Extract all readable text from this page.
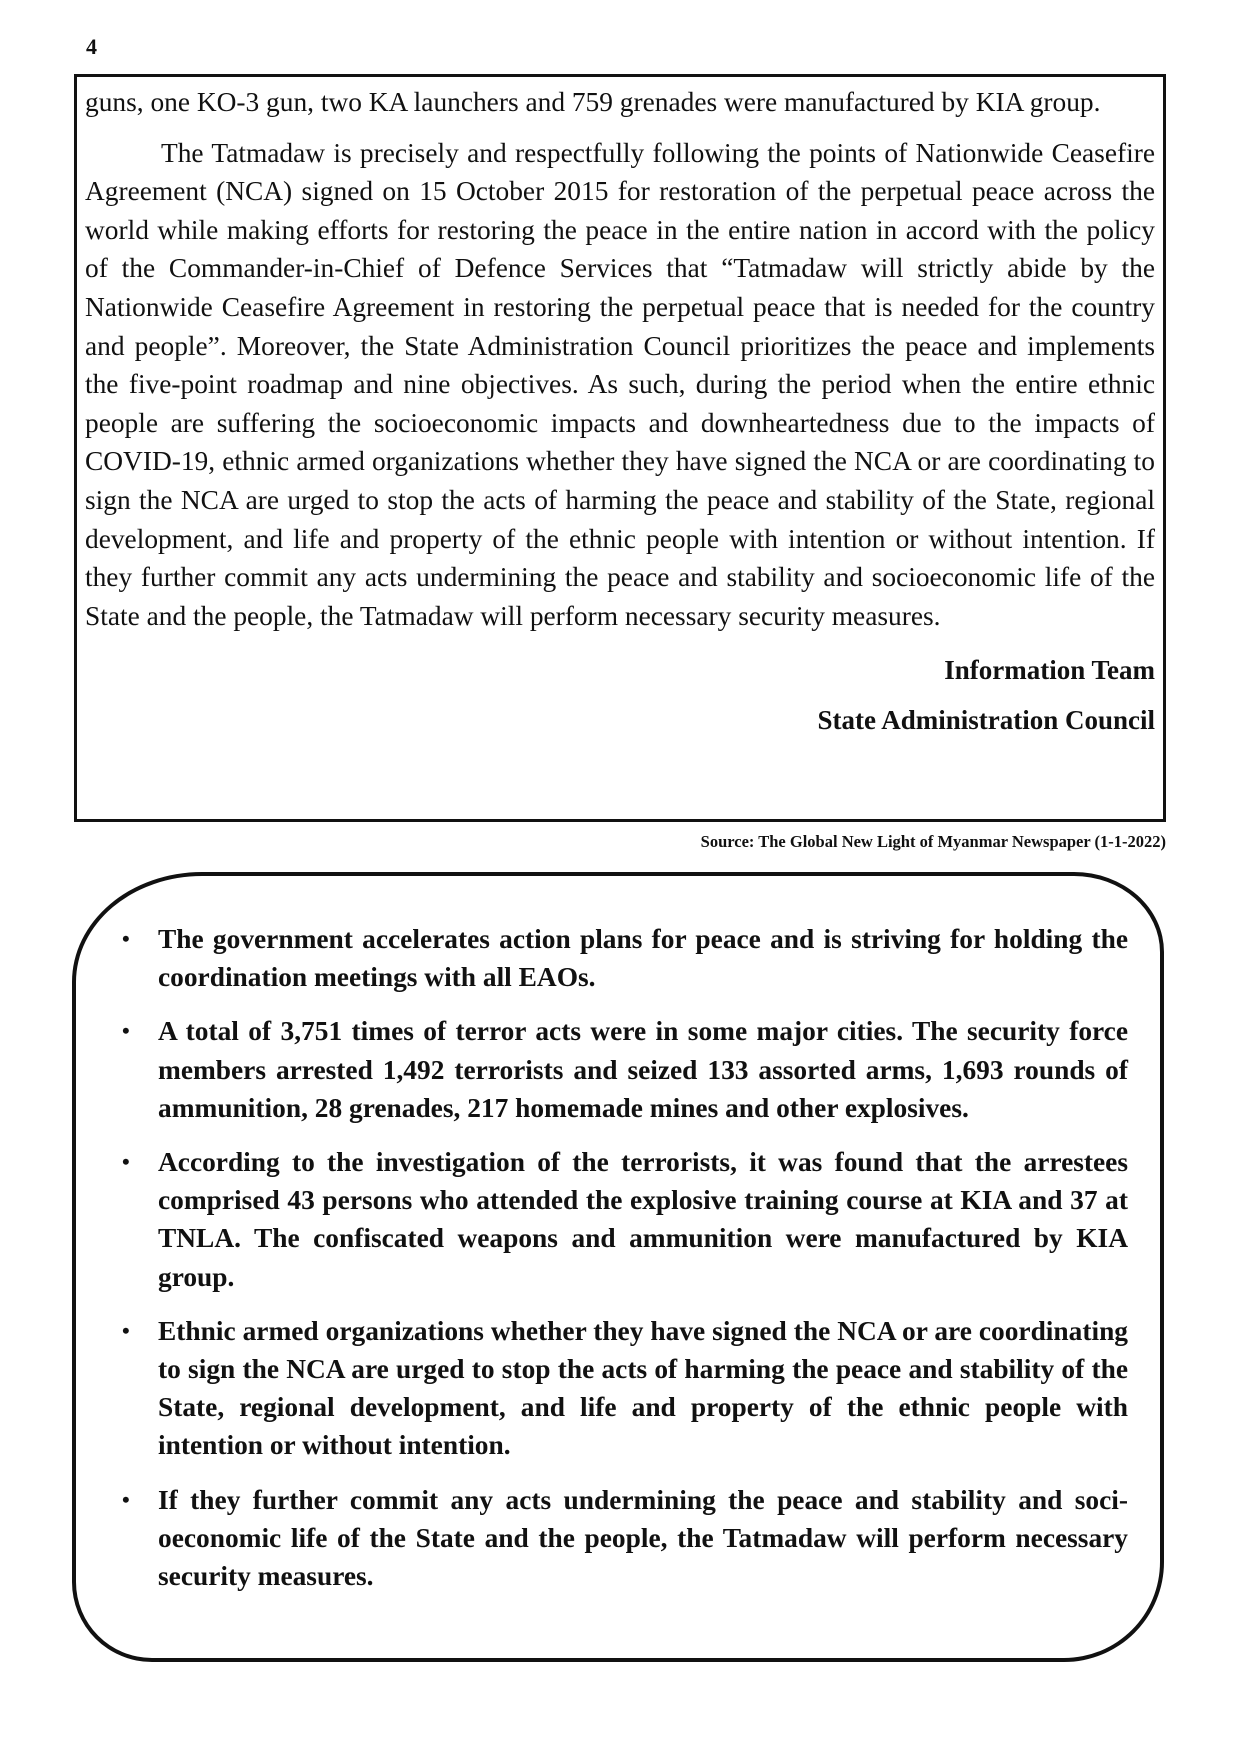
4

guns, one KO-3 gun, two KA launchers and 759 grenades were manufactured by KIA group.

The Tatmadaw is precisely and respectfully following the points of Nationwide Ceasefire Agreement (NCA) signed on 15 October 2015 for restoration of the perpetual peace across the world while making efforts for restoring the peace in the entire nation in accord with the policy of the Commander-in-Chief of Defence Services that “Tatmadaw will strictly abide by the Nationwide Ceasefire Agreement in restoring the perpetual peace that is needed for the country and people”. Moreover, the State Administration Council prioritizes the peace and implements the five-point roadmap and nine objectives. As such, during the period when the entire ethnic people are suffering the socioeconomic impacts and downheartedness due to the impacts of COVID-19, ethnic armed organizations whether they have signed the NCA or are coordinating to sign the NCA are urged to stop the acts of harming the peace and stability of the State, regional development, and life and property of the ethnic people with intention or without intention. If they further commit any acts undermining the peace and stability and socioeconomic life of the State and the people, the Tatmadaw will perform necessary security measures.

Information Team
State Administration Council
Source: The Global New Light of Myanmar Newspaper (1-1-2022)
• The government accelerates action plans for peace and is striving for holding the coordination meetings with all EAOs.
• A total of 3,751 times of terror acts were in some major cities. The security force members arrested 1,492 terrorists and seized 133 assorted arms, 1,693 rounds of ammunition, 28 grenades, 217 homemade mines and other explosives.
• According to the investigation of the terrorists, it was found that the arrestees comprised 43 persons who attended the explosive training course at KIA and 37 at TNLA. The confiscated weapons and ammunition were manufactured by KIA group.
• Ethnic armed organizations whether they have signed the NCA or are coordinating to sign the NCA are urged to stop the acts of harming the peace and stability of the State, regional development, and life and property of the ethnic people with intention or without intention.
• If they further commit any acts undermining the peace and stability and socioeconomic life of the State and the people, the Tatmadaw will perform necessary security measures.
